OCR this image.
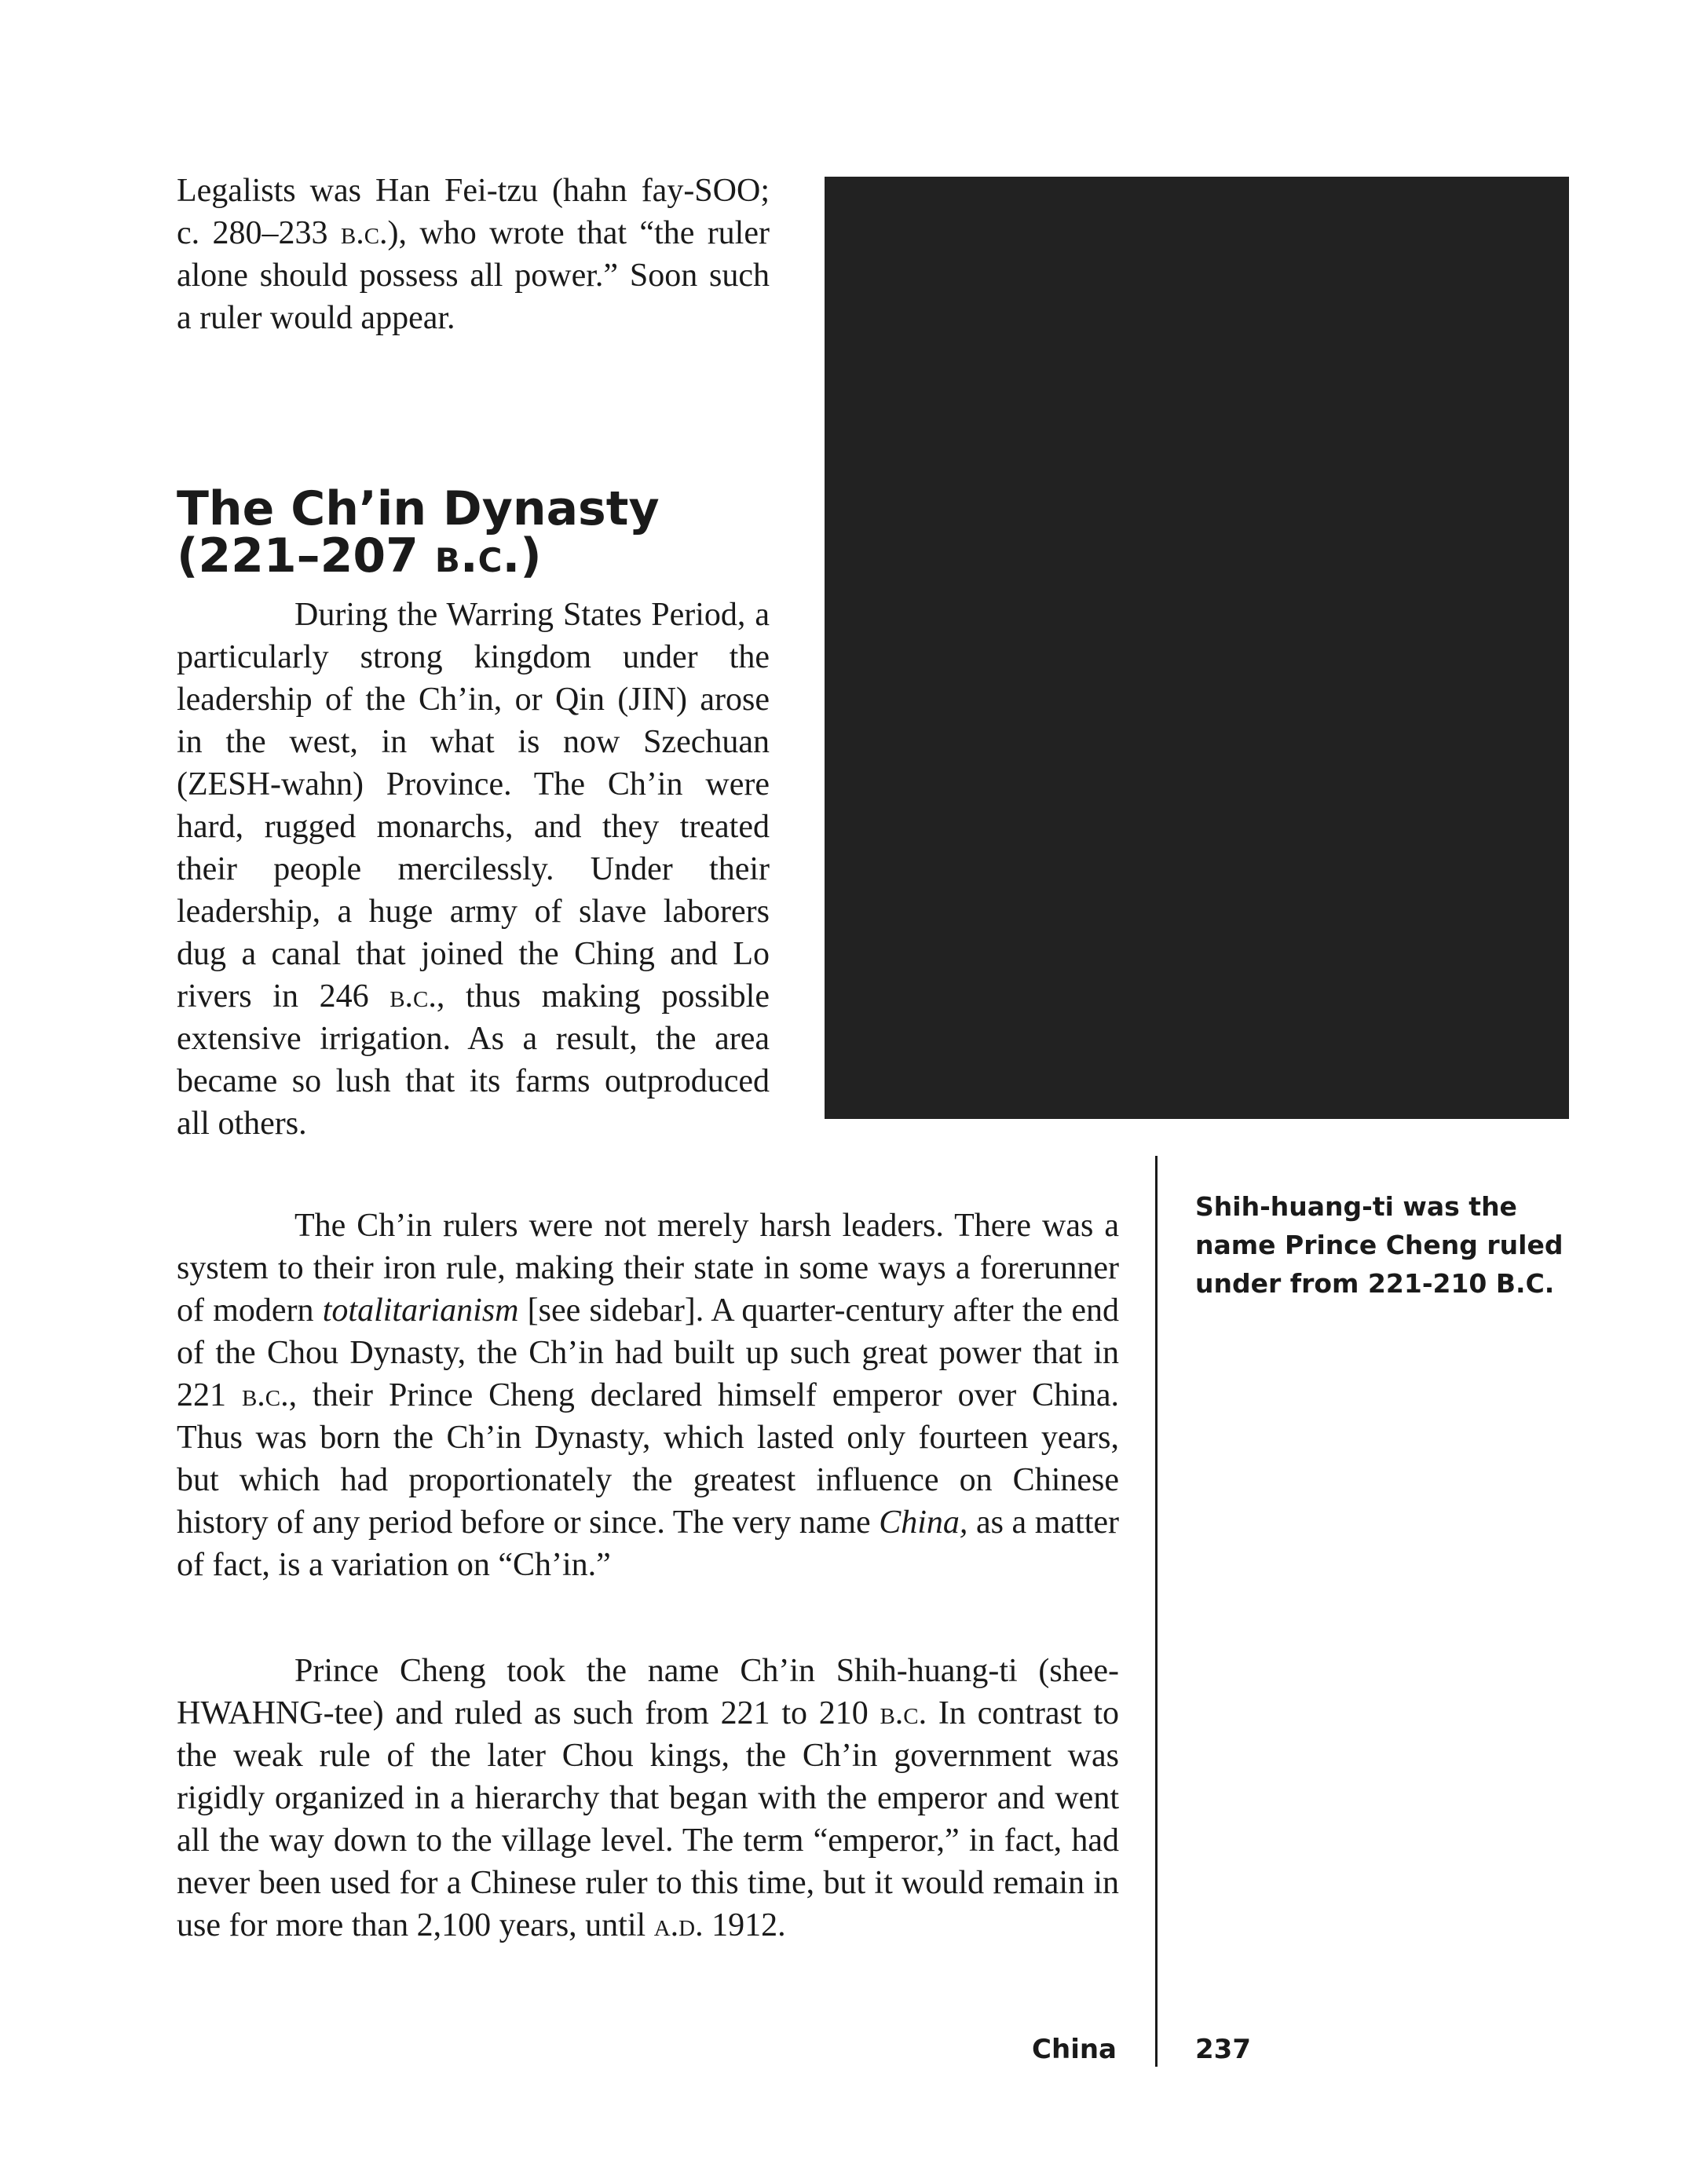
Legalists was Han Fei-tzu (hahn fay-SOO; c. 280–233 b.c.), who wrote that “the ruler alone should possess all power.” Soon such a ruler would appear.

The Ch’in Dynasty
(221–207 b.c.)

During the Warring States Period, a particularly strong kingdom under the leadership of the Ch’in, or Qin (JIN) arose in the west, in what is now Szechuan (ZESH-wahn) Province. The Ch’in were hard, rugged monarchs, and they treated their people mercilessly. Under their leadership, a huge army of slave laborers dug a canal that joined the Ching and Lo rivers in 246 b.c., thus making possible extensive irrigation. As a result, the area became so lush that its farms outproduced all others.

The Ch’in rulers were not merely harsh leaders. There was a system to their iron rule, making their state in some ways a forerunner of modern totalitarianism [see sidebar]. A quarter-century after the end of the Chou Dynasty, the Ch’in had built up such great power that in 221 b.c., their Prince Cheng declared himself emperor over China. Thus was born the Ch’in Dynasty, which lasted only fourteen years, but which had proportionately the greatest influence on Chinese history of any period before or since. The very name China, as a matter of fact, is a variation on “Ch’in.”

Prince Cheng took the name Ch’in Shih-huang-ti (shee-HWAHNG-tee) and ruled as such from 221 to 210 b.c. In contrast to the weak rule of the later Chou kings, the Ch’in government was rigidly organized in a hierarchy that began with the emperor and went all the way down to the village level. The term “emperor,” in fact, had never been used for a Chinese ruler to this time, but it would remain in use for more than 2,100 years, until a.d. 1912.

Shih-huang-ti was the name Prince Cheng ruled under from 221-210 B.C.

China	237
